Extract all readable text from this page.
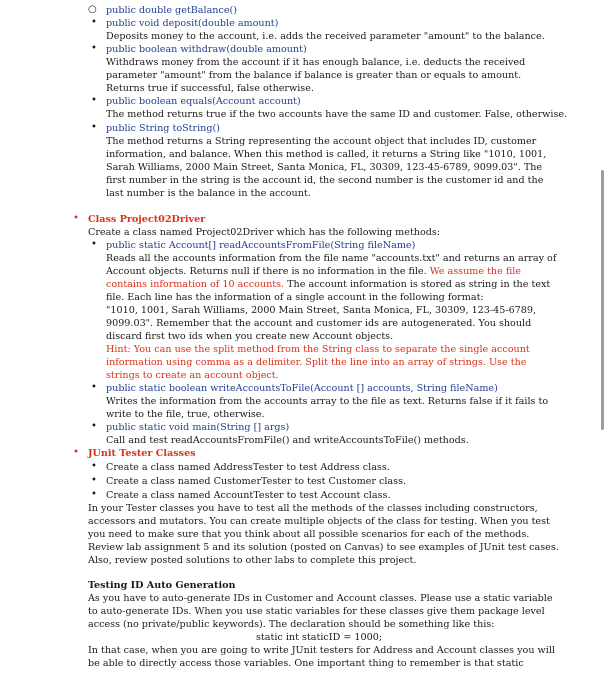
○ public double getBalance()
• public void deposit(double amount)
Deposits money to the account, i.e. adds the received parameter "amount" to the balance.
• public boolean withdraw(double amount)
Withdraws money from the account if it has enough balance, i.e. deducts the received
parameter "amount" from the balance if balance is greater than or equals to amount.
Returns true if successful, false otherwise.
• public boolean equals(Account account)
The method returns true if the two accounts have the same ID and customer. False, otherwise.
• public String toString()
The method returns a String representing the account object that includes ID, customer
information, and balance. When this method is called, it returns a String like "1010, 1001,
Sarah Williams, 2000 Main Street, Santa Monica, FL, 30309, 123-45-6789, 9099.03". The
first number in the string is the account id, the second number is the customer id and the
last number is the balance in the account.
• Class Project02Driver
Create a class named Project02Driver which has the following methods:
• public static Account[] readAccountsFromFile(String fileName)
Reads all the accounts information from the file name "accounts.txt" and returns an array of
Account objects. Returns null if there is no information in the file. We assume the file
contains information of 10 accounts. The account information is stored as string in the text
file. Each line has the information of a single account in the following format:
"1010, 1001, Sarah Williams, 2000 Main Street, Santa Monica, FL, 30309, 123-45-6789,
9099.03". Remember that the account and customer ids are autogenerated. You should
discard first two ids when you create new Account objects.
Hint: You can use the split method from the String class to separate the single account
information using comma as a delimiter. Split the line into an array of strings. Use the
strings to create an account object.
• public static boolean writeAccountsToFile(Account [] accounts, String fileName)
Writes the information from the accounts array to the file as text. Returns false if it fails to
write to the file, true, otherwise.
• public static void main(String [] args)
Call and test readAccountsFromFile() and writeAccountsToFile() methods.
• JUnit Tester Classes
• Create a class named AddressTester to test Address class.
• Create a class named CustomerTester to test Customer class.
• Create a class named AccountTester to test Account class.
In your Tester classes you have to test all the methods of the classes including constructors,
accessors and mutators. You can create multiple objects of the class for testing. When you test
you need to make sure that you think about all possible scenarios for each of the methods.
Review lab assignment 5 and its solution (posted on Canvas) to see examples of JUnit test cases.
Also, review posted solutions to other labs to complete this project.
Testing ID Auto Generation
As you have to auto-generate IDs in Customer and Account classes. Please use a static variable
to auto-generate IDs. When you use static variables for these classes give them package level
access (no private/public keywords). The declaration should be something like this:
static int staticID = 1000;
In that case, when you are going to write JUnit testers for Address and Account classes you will
be able to directly access those variables. One important thing to remember is that static
